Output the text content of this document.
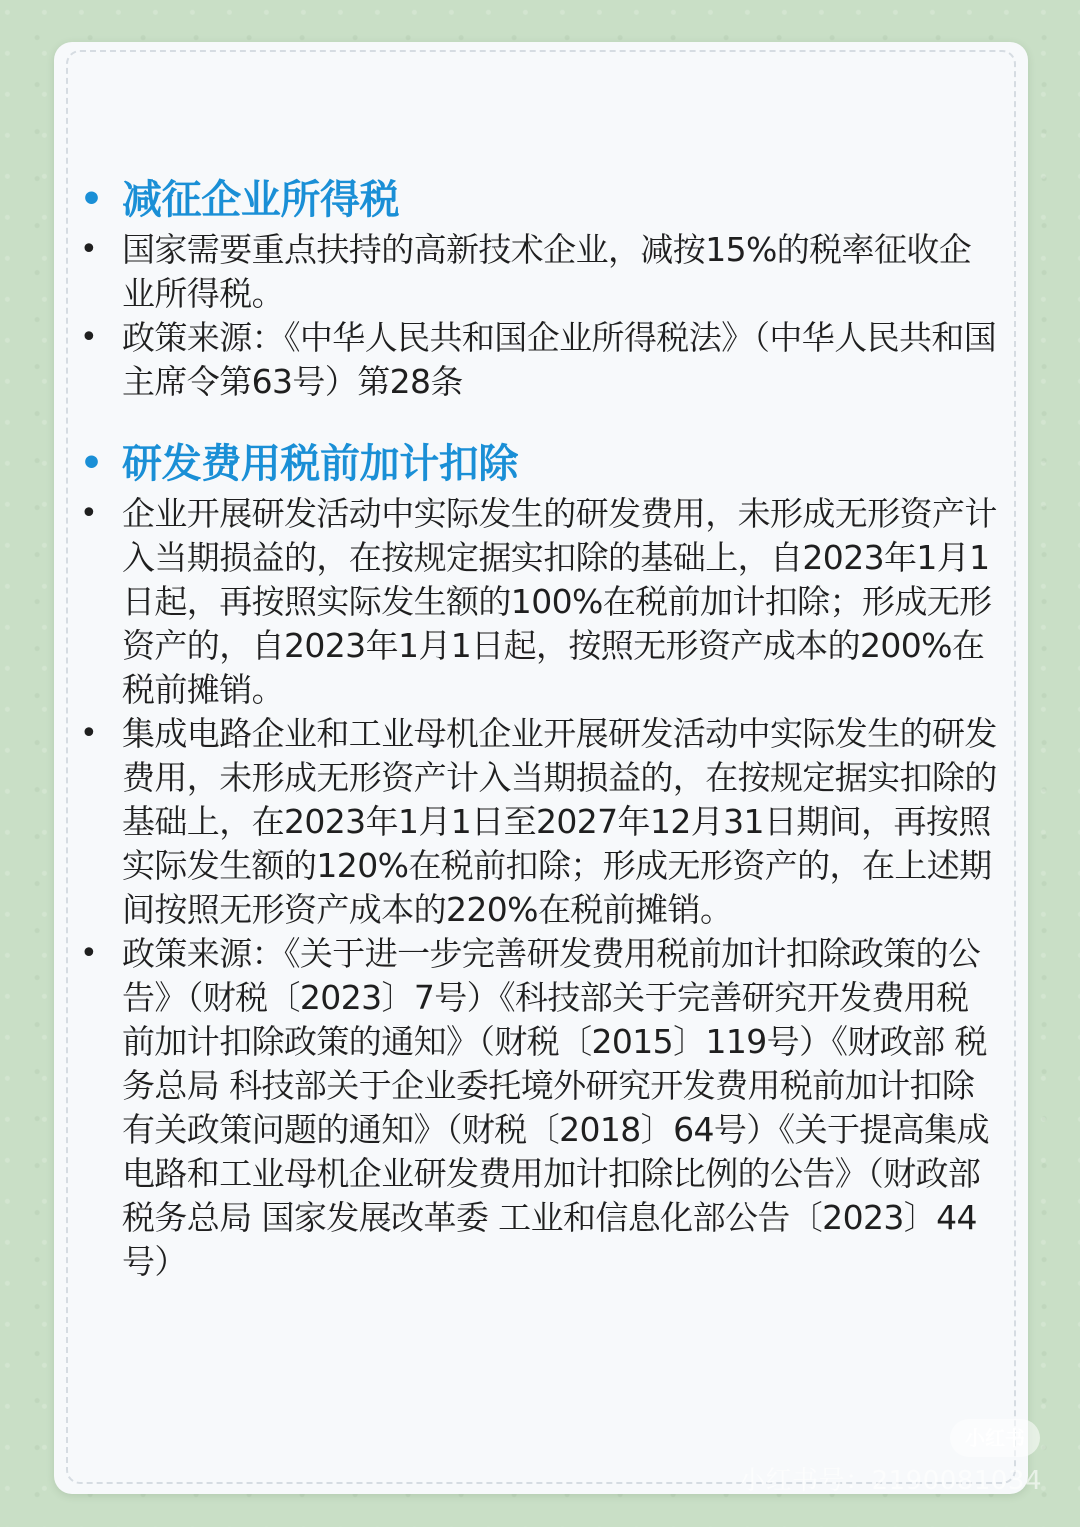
• 减征企业所得税
• 国家需要重点扶持的高新技术企业，减按15%的税率征收企业所得税。
• 政策来源：《中华人民共和国企业所得税法》（中华人民共和国主席令第63号）第28条
• 研发费用税前加计扣除
• 企业开展研发活动中实际发生的研发费用，未形成无形资产计入当期损益的，在按规定据实扣除的基础上，自2023年1月1日起，再按照实际发生额的100%在税前加计扣除；形成无形资产的，自2023年1月1日起，按照无形资产成本的200%在税前摊销。
• 集成电路企业和工业母机企业开展研发活动中实际发生的研发费用，未形成无形资产计入当期损益的，在按规定据实扣除的基础上，在2023年1月1日至2027年12月31日期间，再按照实际发生额的120%在税前扣除；形成无形资产的，在上述期间按照无形资产成本的220%在税前摊销。
• 政策来源：《关于进一步完善研发费用税前加计扣除政策的公告》（财税〔2023〕7号）《科技部关于完善研究开发费用税前加计扣除政策的通知》（财税〔2015〕119号）《财政部 税务总局 科技部关于企业委托境外研究开发费用税前加计扣除有关政策问题的通知》（财税〔2018〕64号）《关于提高集成电路和工业母机企业研发费用加计扣除比例的公告》（财政部 税务总局 国家发展改革委 工业和信息化部公告〔2023〕44号）
小红书
小红书号：2190081034
